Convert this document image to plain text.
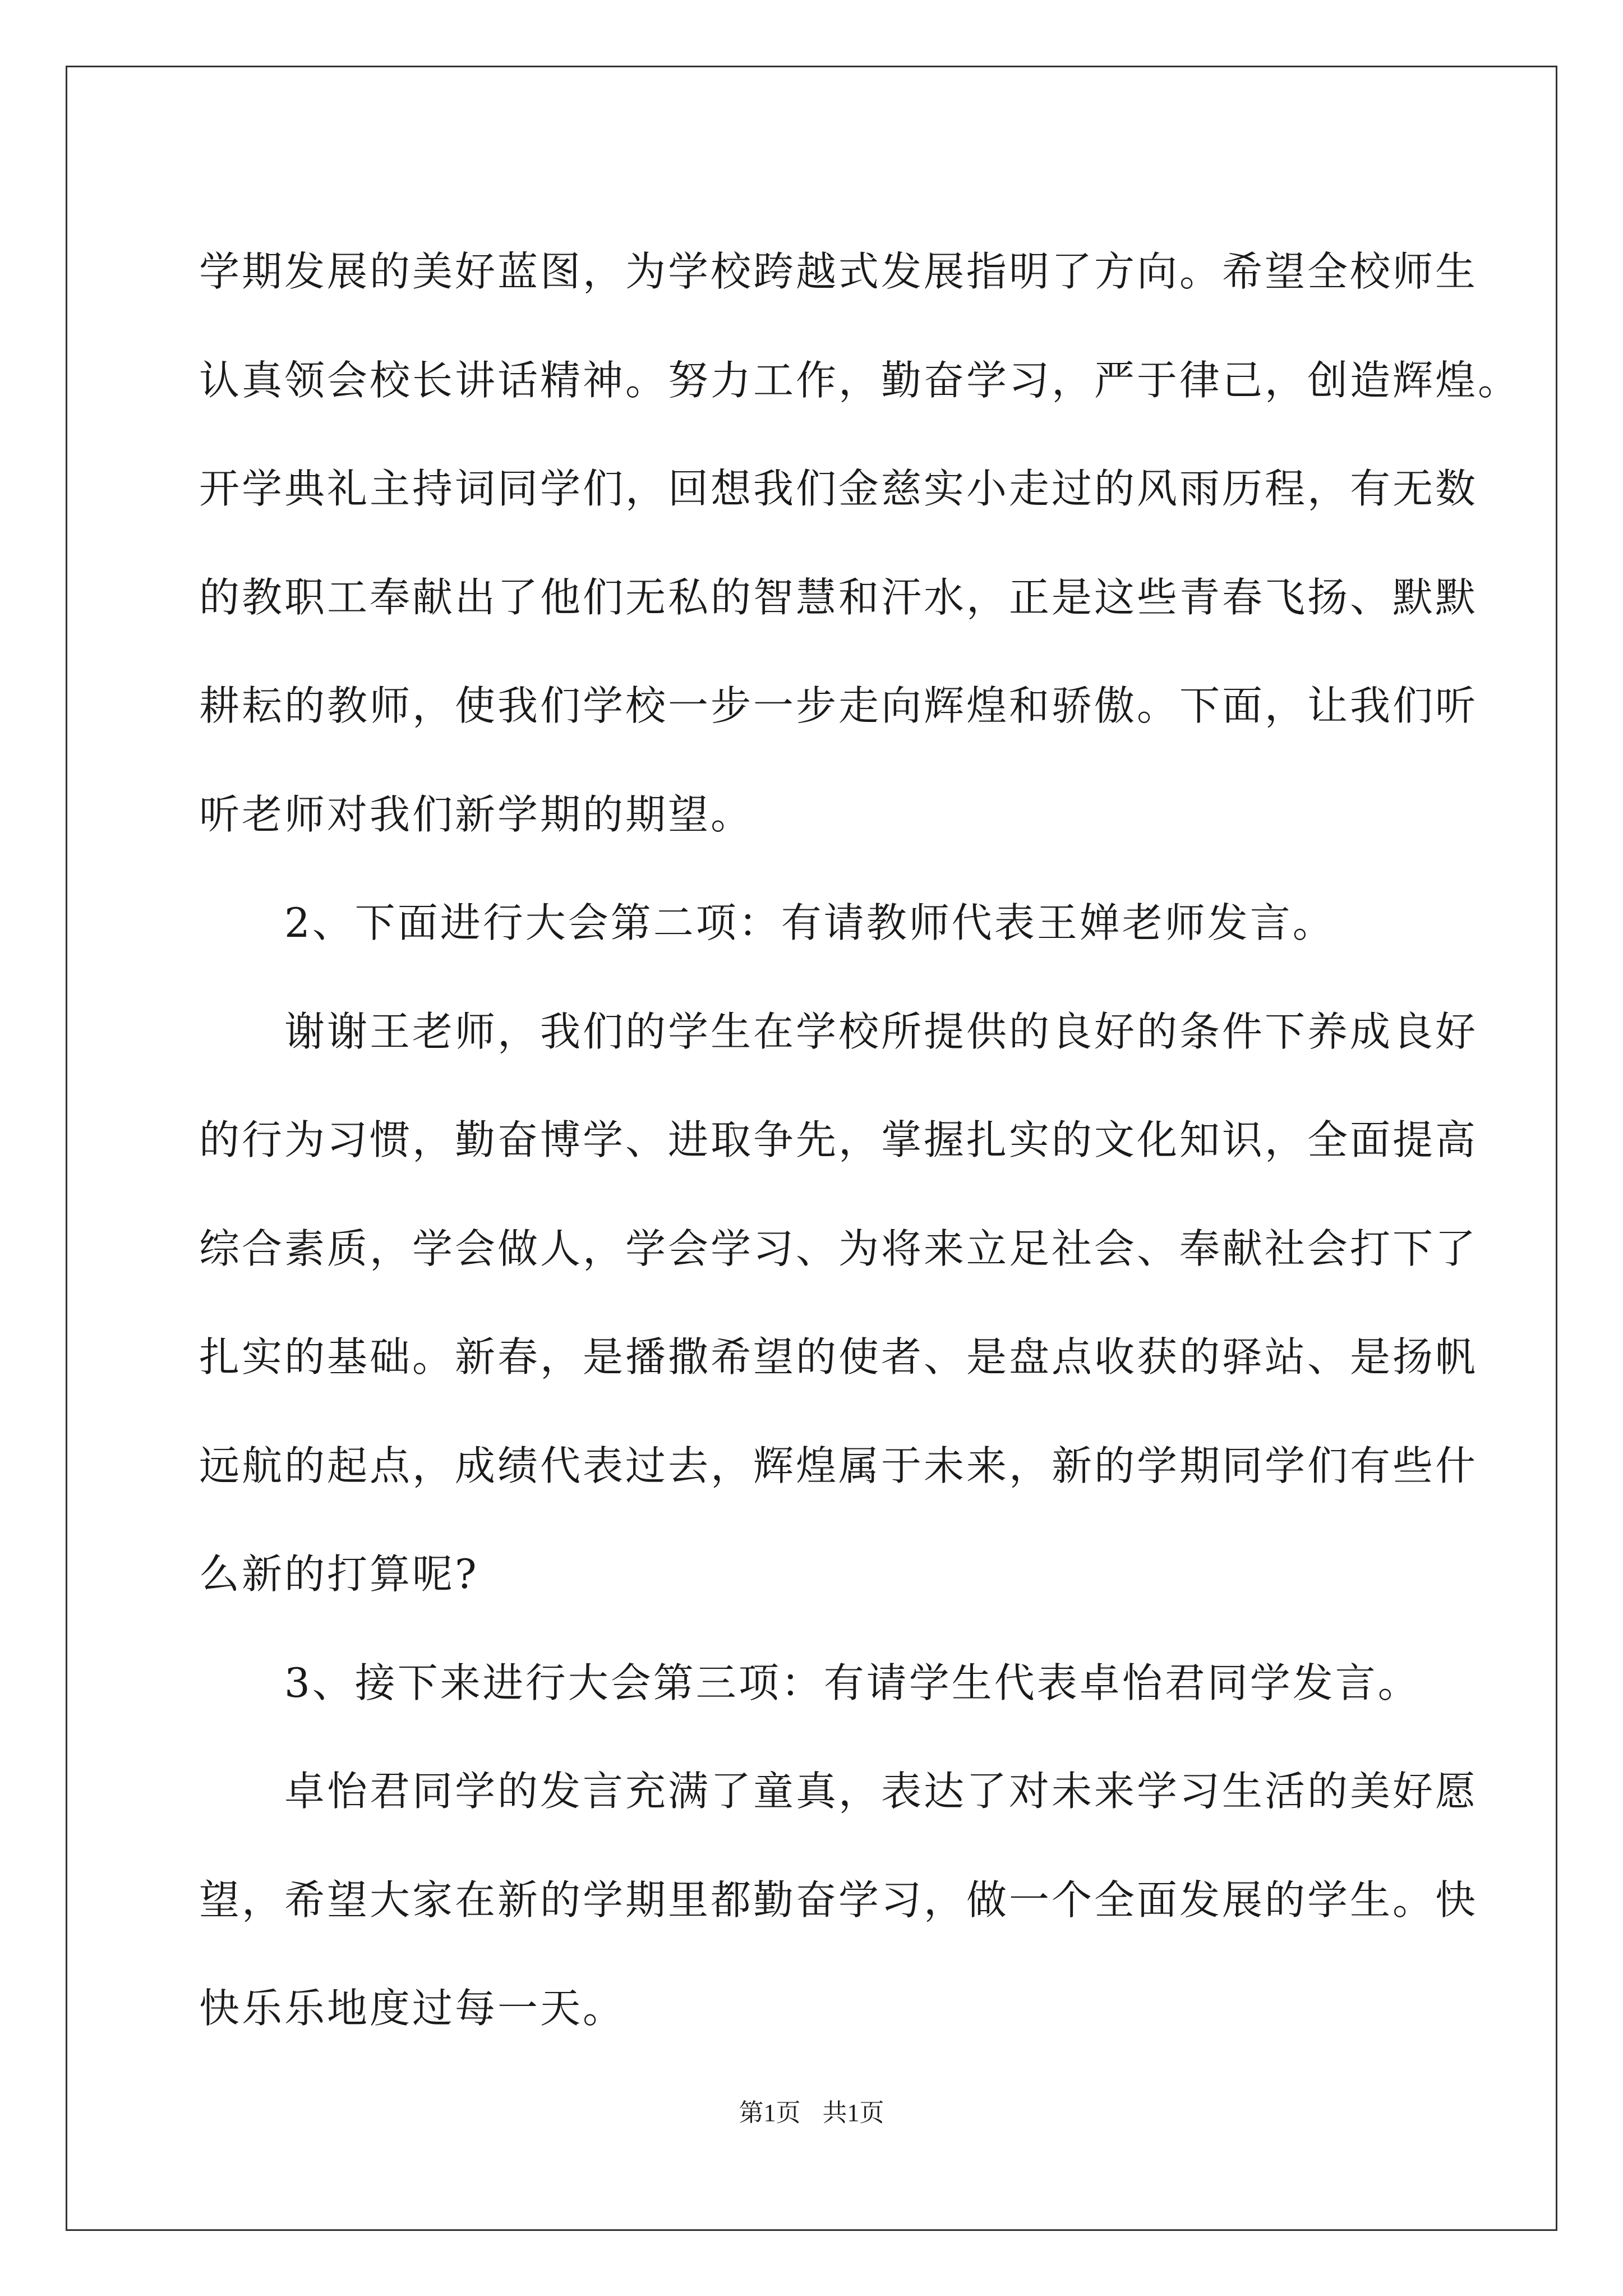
学期发展的美好蓝图，为学校跨越式发展指明了方向。希望全校师生
认真领会校长讲话精神。努力工作，勤奋学习，严于律己，创造辉煌。
开学典礼主持词同学们，回想我们金慈实小走过的风雨历程，有无数
的教职工奉献出了他们无私的智慧和汗水，正是这些青春飞扬、默默
耕耘的教师，使我们学校一步一步走向辉煌和骄傲。下面，让我们听
听老师对我们新学期的期望。
2、下面进行大会第二项：有请教师代表王婵老师发言。
谢谢王老师，我们的学生在学校所提供的良好的条件下养成良好
的行为习惯，勤奋博学、进取争先，掌握扎实的文化知识，全面提高
综合素质，学会做人，学会学习、为将来立足社会、奉献社会打下了
扎实的基础。新春，是播撒希望的使者、是盘点收获的驿站、是扬帆
远航的起点，成绩代表过去，辉煌属于未来，新的学期同学们有些什
么新的打算呢?
3、接下来进行大会第三项：有请学生代表卓怡君同学发言。
卓怡君同学的发言充满了童真，表达了对未来学习生活的美好愿
望，希望大家在新的学期里都勤奋学习，做一个全面发展的学生。快
快乐乐地度过每一天。
第1页 共1页
